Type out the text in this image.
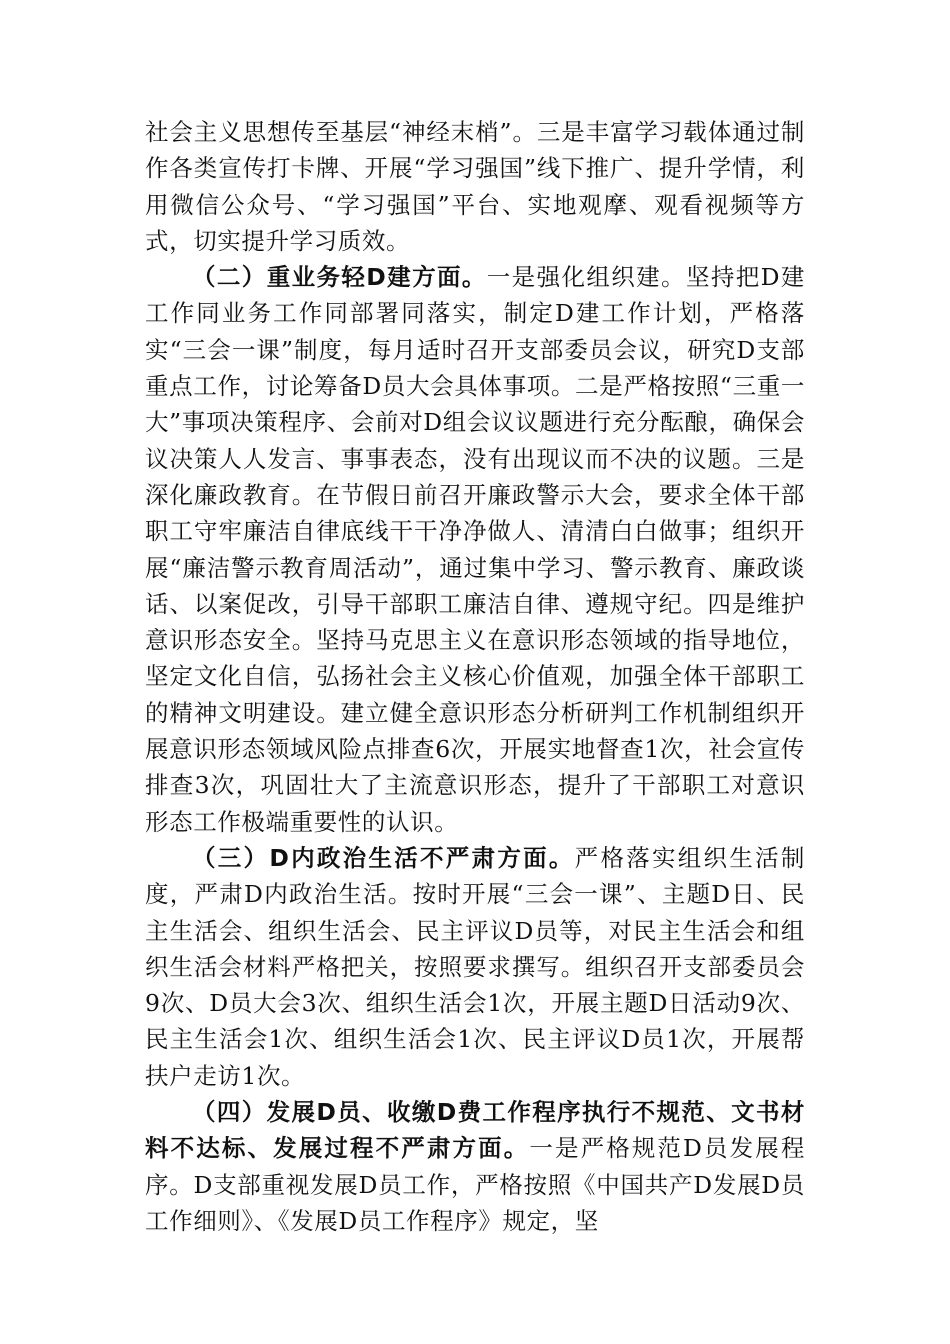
社会主义思想传至基层“神经末梢”。三是丰富学习载体通过制作各类宣传打卡牌、开展“学习强国”线下推广、提升学情，利用微信公众号、“学习强国”平台、实地观摩、观看视频等方式，切实提升学习质效。

（二）重业务轻D建方面。一是强化组织建。坚持把D建工作同业务工作同部署同落实，制定D建工作计划，严格落实“三会一课”制度，每月适时召开支部委员会议，研究D支部重点工作，讨论筹备D员大会具体事项。二是严格按照“三重一大”事项决策程序、会前对D组会议议题进行充分酝酿，确保会议决策人人发言、事事表态，没有出现议而不决的议题。三是深化廉政教育。在节假日前召开廉政警示大会，要求全体干部职工守牢廉洁自律底线干干净净做人、清清白白做事；组织开展“廉洁警示教育周活动”，通过集中学习、警示教育、廉政谈话、以案促改，引导干部职工廉洁自律、遵规守纪。四是维护意识形态安全。坚持马克思主义在意识形态领域的指导地位，坚定文化自信，弘扬社会主义核心价值观，加强全体干部职工的精神文明建设。建立健全意识形态分析研判工作机制组织开展意识形态领域风险点排查6次，开展实地督查1次，社会宣传排查3次，巩固壮大了主流意识形态，提升了干部职工对意识形态工作极端重要性的认识。

（三）D内政治生活不严肃方面。严格落实组织生活制度，严肃D内政治生活。按时开展“三会一课”、主题D日、民主生活会、组织生活会、民主评议D员等，对民主生活会和组织生活会材料严格把关，按照要求撰写。组织召开支部委员会9次、D员大会3次、组织生活会1次，开展主题D日活动9次、民主生活会1次、组织生活会1次、民主评议D员1次，开展帮扶户走访1次。

（四）发展D员、收缴D费工作程序执行不规范、文书材料不达标、发展过程不严肃方面。一是严格规范D员发展程序。D支部重视发展D员工作，严格按照《中国共产D发展D员工作细则》、《发展D员工作程序》规定，坚
